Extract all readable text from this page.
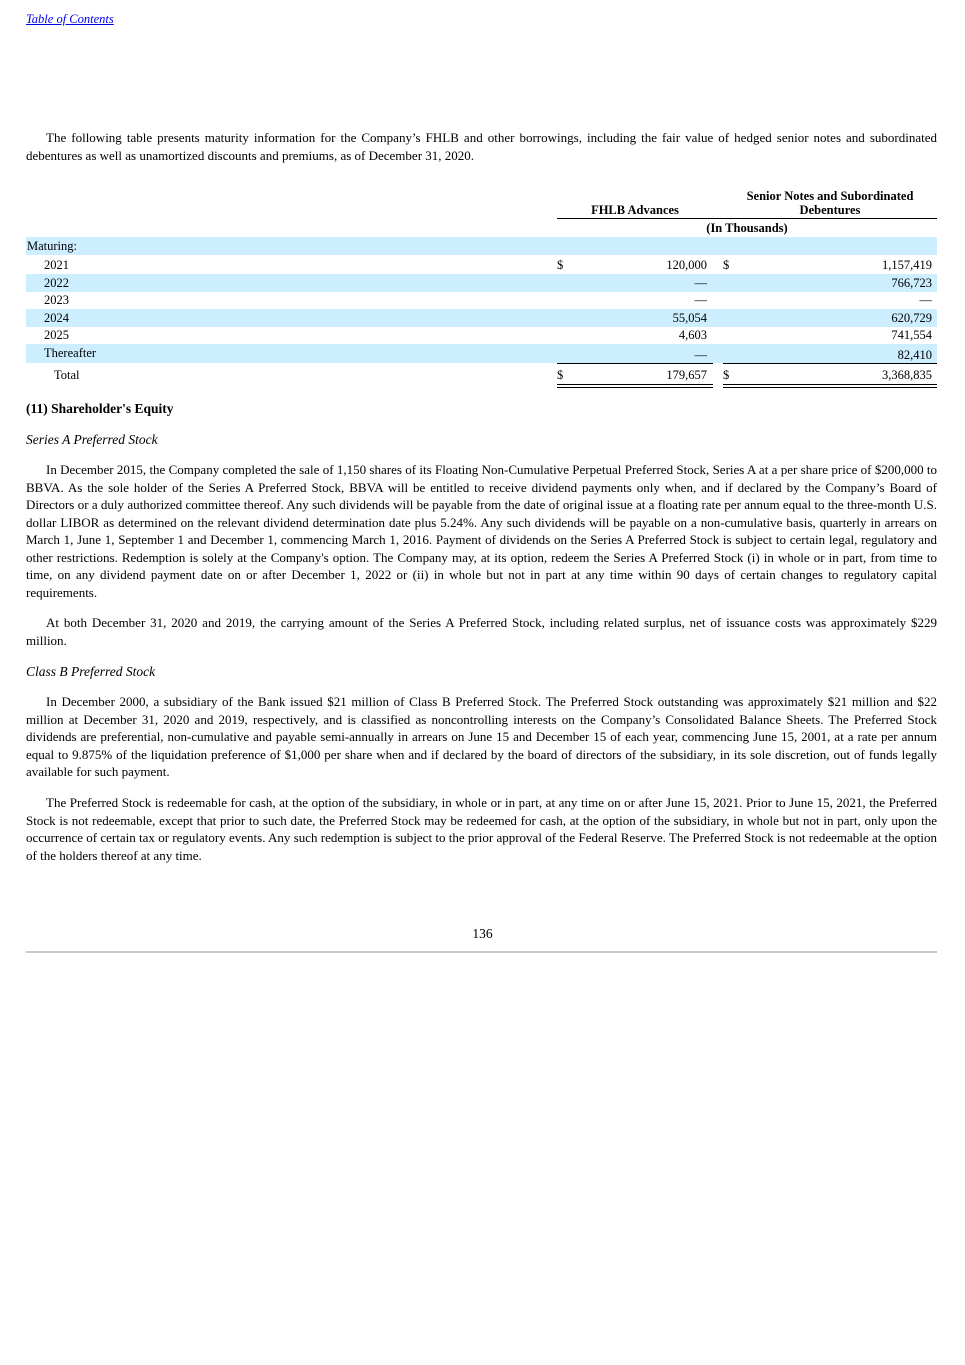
Table of Contents

The following table presents maturity information for the Company’s FHLB and other borrowings, including the fair value of hedged senior notes and subordinated debentures as well as unamortized discounts and premiums, as of December 31, 2020.

FHLB Advances
Senior Notes and Subordinated
Debentures
(In Thousands)
Maturing:
2021	$	120,000 $	1,157,419
2022	—	766,723
2023	—	—
2024	55,054	620,729
2025	4,603	741,554
Thereafter	—	82,410
Total	$	179,657 $	3,368,835

(11) Shareholder's Equity

Series A Preferred Stock

In December 2015, the Company completed the sale of 1,150 shares of its Floating Non-Cumulative Perpetual Preferred Stock, Series A at a per share price of $200,000 to BBVA. As the sole holder of the Series A Preferred Stock, BBVA will be entitled to receive dividend payments only when, and if declared by the Company’s Board of Directors or a duly authorized committee thereof. Any such dividends will be payable from the date of original issue at a floating rate per annum equal to the three-month U.S. dollar LIBOR as determined on the relevant dividend determination date plus 5.24%. Any such dividends will be payable on a non-cumulative basis, quarterly in arrears on March 1, June 1, September 1 and December 1, commencing March 1, 2016. Payment of dividends on the Series A Preferred Stock is subject to certain legal, regulatory and other restrictions. Redemption is solely at the Company's option. The Company may, at its option, redeem the Series A Preferred Stock (i) in whole or in part, from time to time, on any dividend payment date on or after December 1, 2022 or (ii) in whole but not in part at any time within 90 days of certain changes to regulatory capital requirements.

At both December 31, 2020 and 2019, the carrying amount of the Series A Preferred Stock, including related surplus, net of issuance costs was approximately $229 million.

Class B Preferred Stock

In December 2000, a subsidiary of the Bank issued $21 million of Class B Preferred Stock. The Preferred Stock outstanding was approximately $21 million and $22 million at December 31, 2020 and 2019, respectively, and is classified as noncontrolling interests on the Company’s Consolidated Balance Sheets. The Preferred Stock dividends are preferential, non-cumulative and payable semi-annually in arrears on June 15 and December 15 of each year, commencing June 15, 2001, at a rate per annum equal to 9.875% of the liquidation preference of $1,000 per share when and if declared by the board of directors of the subsidiary, in its sole discretion, out of funds legally available for such payment.

The Preferred Stock is redeemable for cash, at the option of the subsidiary, in whole or in part, at any time on or after June 15, 2021. Prior to June 15, 2021, the Preferred Stock is not redeemable, except that prior to such date, the Preferred Stock may be redeemed for cash, at the option of the subsidiary, in whole but not in part, only upon the occurrence of certain tax or regulatory events. Any such redemption is subject to the prior approval of the Federal Reserve. The Preferred Stock is not redeemable at the option of the holders thereof at any time.

136
